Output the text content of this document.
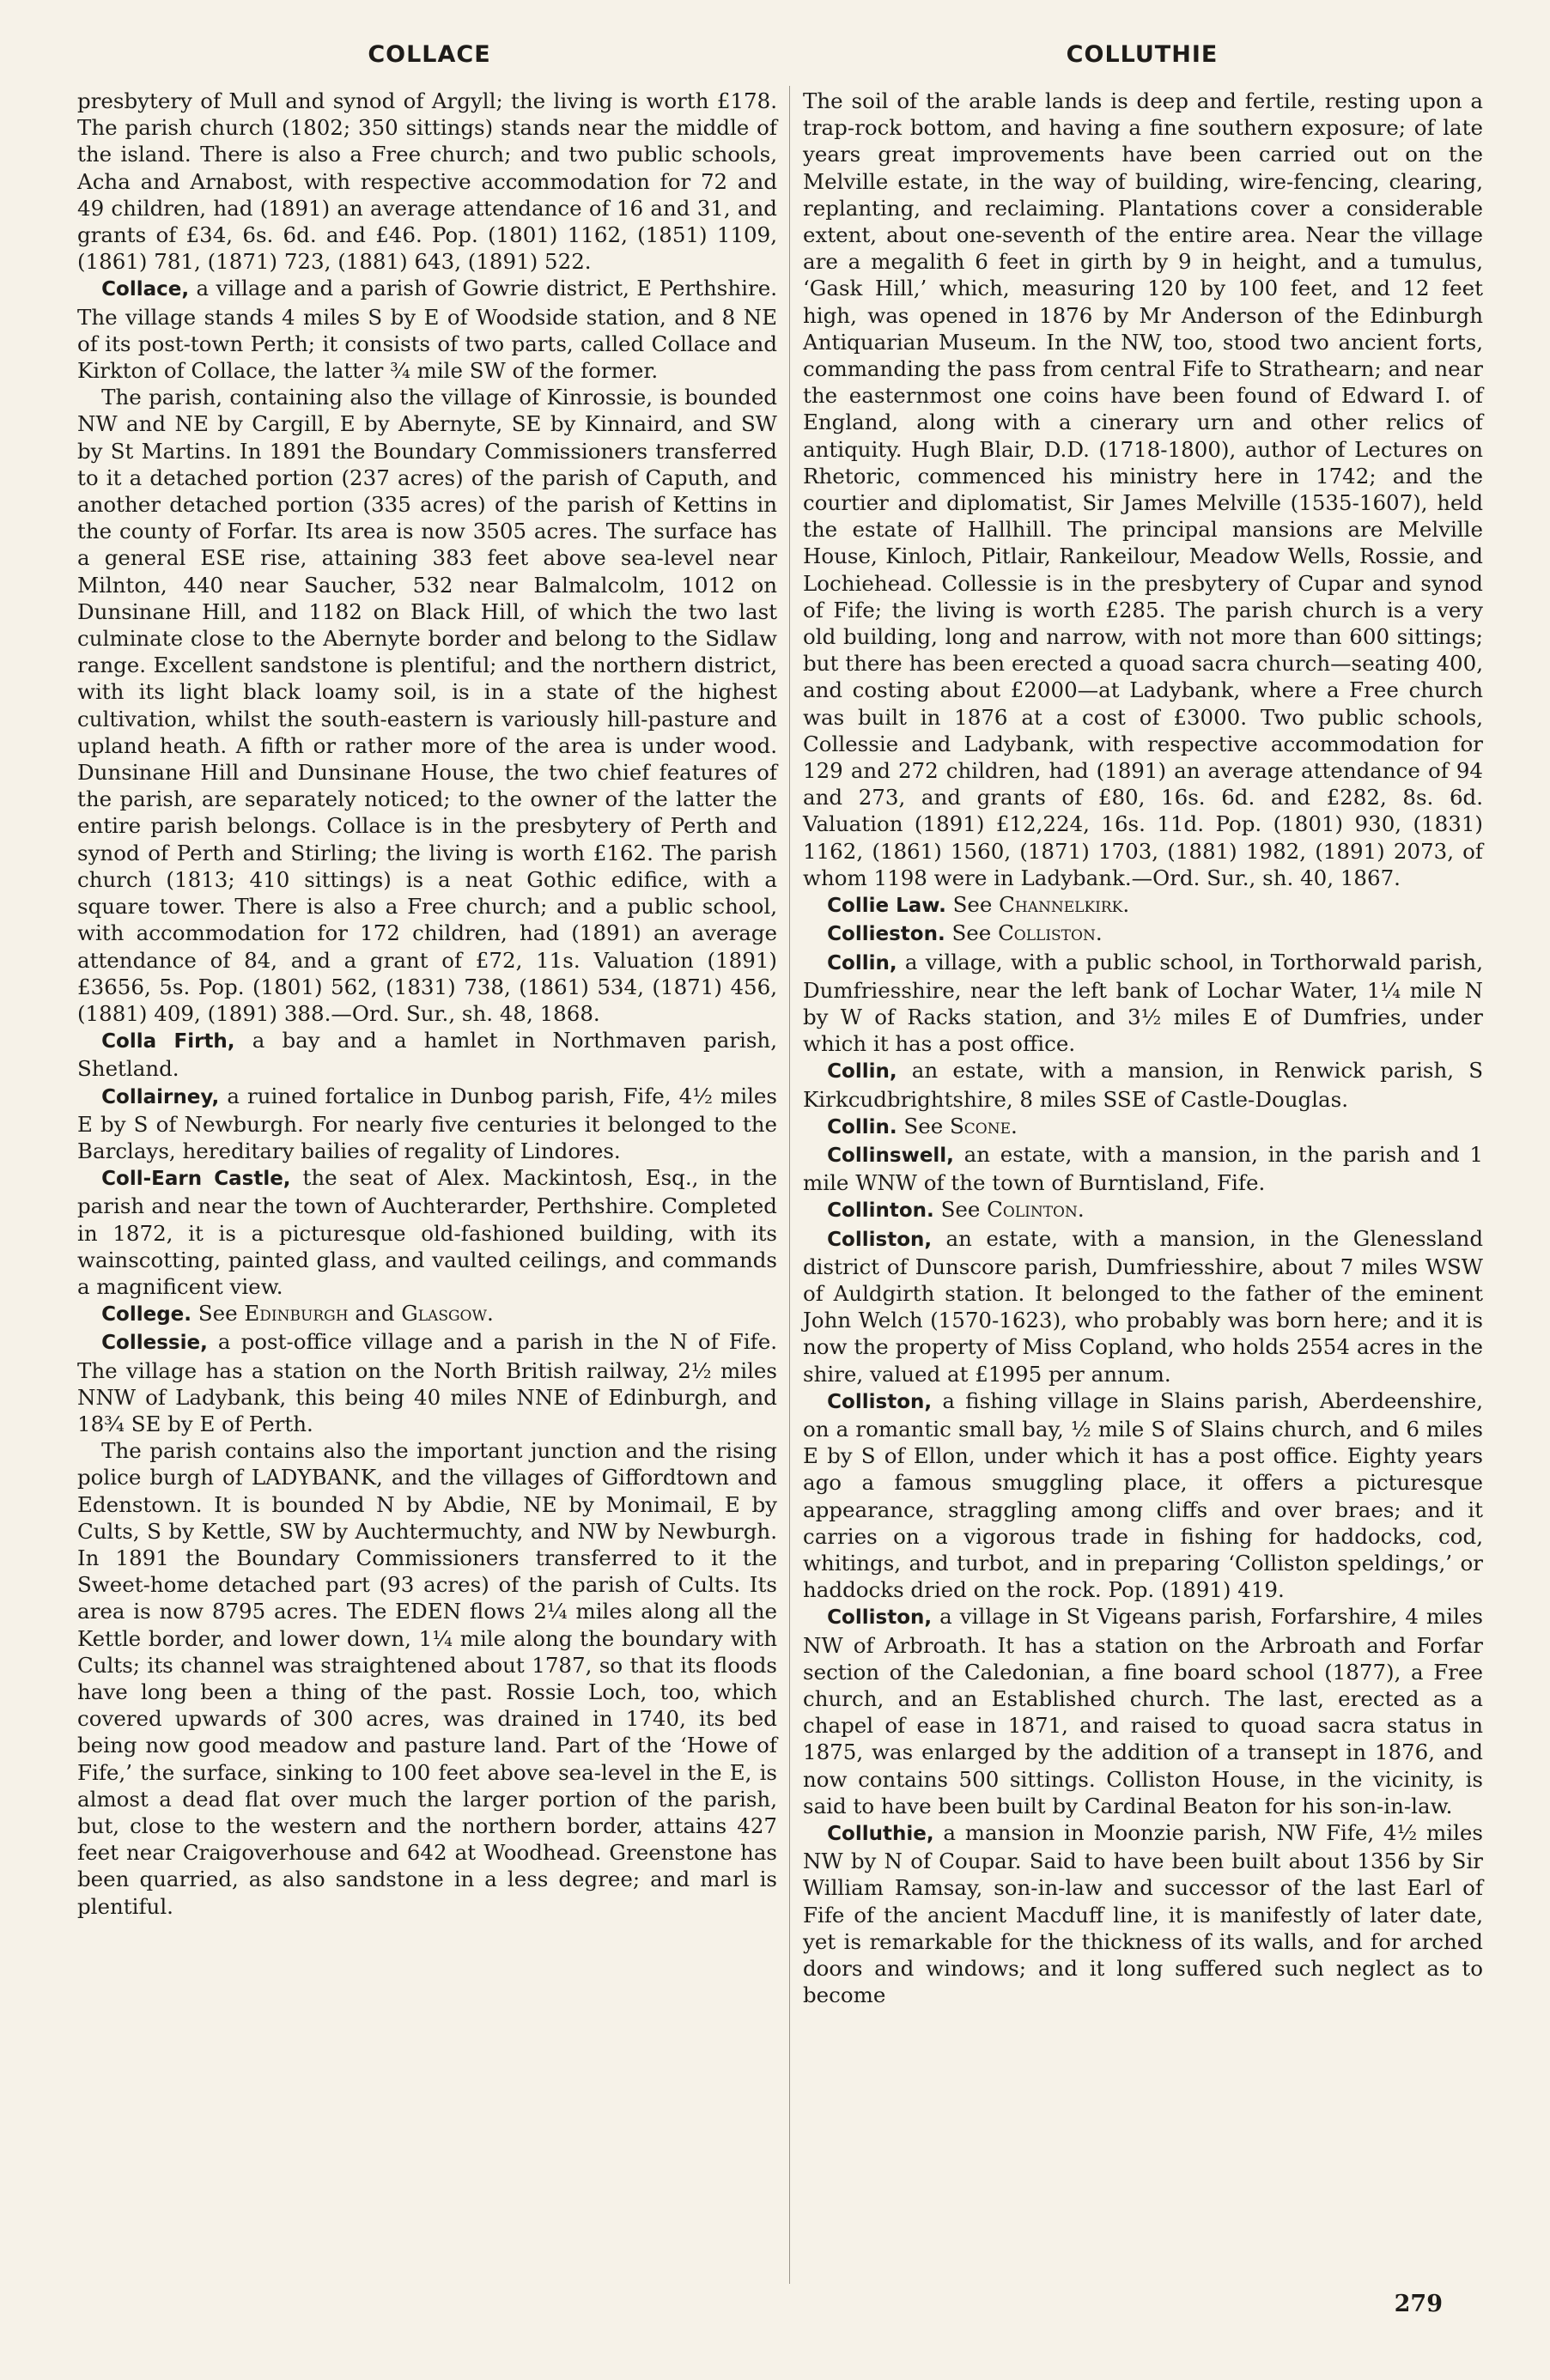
COLLACE	COLLUTHIE

presbytery of Mull and synod of Argyll; the living is worth £178. The parish church (1802; 350 sittings) stands near the middle of the island. There is also a Free church; and two public schools, Acha and Arnabost, with respective accommodation for 72 and 49 children, had (1891) an average attendance of 16 and 31, and grants of £34, 6s. 6d. and £46. Pop. (1801) 1162, (1851) 1109, (1861) 781, (1871) 723, (1881) 643, (1891) 522.

Collace, a village and a parish of Gowrie district, E Perthshire. The village stands 4 miles S by E of Woodside station, and 8 NE of its post-town Perth; it consists of two parts, called Collace and Kirkton of Collace, the latter ¾ mile SW of the former.

The parish, containing also the village of Kinrossie, is bounded NW and NE by Cargill, E by Abernyte, SE by Kinnaird, and SW by St Martins. In 1891 the Boundary Commissioners transferred to it a detached portion (237 acres) of the parish of Caputh, and another detached portion (335 acres) of the parish of Kettins in the county of Forfar. Its area is now 3505 acres. The surface has a general ESE rise, attaining 383 feet above sea-level near Milnton, 440 near Saucher, 532 near Balmalcolm, 1012 on Dunsinane Hill, and 1182 on Black Hill, of which the two last culminate close to the Abernyte border and belong to the Sidlaw range. Excellent sandstone is plentiful; and the northern district, with its light black loamy soil, is in a state of the highest cultivation, whilst the south-eastern is variously hill-pasture and upland heath. A fifth or rather more of the area is under wood. Dunsinane Hill and Dunsinane House, the two chief features of the parish, are separately noticed; to the owner of the latter the entire parish belongs. Collace is in the presbytery of Perth and synod of Perth and Stirling; the living is worth £162. The parish church (1813; 410 sittings) is a neat Gothic edifice, with a square tower. There is also a Free church; and a public school, with accommodation for 172 children, had (1891) an average attendance of 84, and a grant of £72, 11s. Valuation (1891) £3656, 5s. Pop. (1801) 562, (1831) 738, (1861) 534, (1871) 456, (1881) 409, (1891) 388.—Ord. Sur., sh. 48, 1868.

Colla Firth, a bay and a hamlet in Northmaven parish, Shetland.

Collairney, a ruined fortalice in Dunbog parish, Fife, 4½ miles E by S of Newburgh. For nearly five centuries it belonged to the Barclays, hereditary bailies of regality of Lindores.

Coll-Earn Castle, the seat of Alex. Mackintosh, Esq., in the parish and near the town of Auchterarder, Perthshire. Completed in 1872, it is a picturesque old-fashioned building, with its wainscotting, painted glass, and vaulted ceilings, and commands a magnificent view.

College. See Edinburgh and Glasgow.

Collessie, a post-office village and a parish in the N of Fife. The village has a station on the North British railway, 2½ miles NNW of Ladybank, this being 40 miles NNE of Edinburgh, and 18¾ SE by E of Perth.

The parish contains also the important junction and the rising police burgh of LADYBANK, and the villages of Giffordtown and Edenstown. It is bounded N by Abdie, NE by Monimail, E by Cults, S by Kettle, SW by Auchtermuchty, and NW by Newburgh. In 1891 the Boundary Commissioners transferred to it the Sweet-home detached part (93 acres) of the parish of Cults. Its area is now 8795 acres. The EDEN flows 2¼ miles along all the Kettle border, and lower down, 1¼ mile along the boundary with Cults; its channel was straightened about 1787, so that its floods have long been a thing of the past. Rossie Loch, too, which covered upwards of 300 acres, was drained in 1740, its bed being now good meadow and pasture land. Part of the ‘Howe of Fife,’ the surface, sinking to 100 feet above sea-level in the E, is almost a dead flat over much the larger portion of the parish, but, close to the western and the northern border, attains 427 feet near Craigoverhouse and 642 at Woodhead. Greenstone has been quarried, as also sandstone in a less degree; and marl is plentiful.

The soil of the arable lands is deep and fertile, resting upon a trap-rock bottom, and having a fine southern exposure; of late years great improvements have been carried out on the Melville estate, in the way of building, wire-fencing, clearing, replanting, and reclaiming. Plantations cover a considerable extent, about one-seventh of the entire area. Near the village are a megalith 6 feet in girth by 9 in height, and a tumulus, ‘Gask Hill,’ which, measuring 120 by 100 feet, and 12 feet high, was opened in 1876 by Mr Anderson of the Edinburgh Antiquarian Museum. In the NW, too, stood two ancient forts, commanding the pass from central Fife to Strathearn; and near the easternmost one coins have been found of Edward I. of England, along with a cinerary urn and other relics of antiquity. Hugh Blair, D.D. (1718-1800), author of Lectures on Rhetoric, commenced his ministry here in 1742; and the courtier and diplomatist, Sir James Melville (1535-1607), held the estate of Hallhill. The principal mansions are Melville House, Kinloch, Pitlair, Rankeilour, Meadow Wells, Rossie, and Lochiehead. Collessie is in the presbytery of Cupar and synod of Fife; the living is worth £285. The parish church is a very old building, long and narrow, with not more than 600 sittings; but there has been erected a quoad sacra church—seating 400, and costing about £2000—at Ladybank, where a Free church was built in 1876 at a cost of £3000. Two public schools, Collessie and Ladybank, with respective accommodation for 129 and 272 children, had (1891) an average attendance of 94 and 273, and grants of £80, 16s. 6d. and £282, 8s. 6d. Valuation (1891) £12,224, 16s. 11d. Pop. (1801) 930, (1831) 1162, (1861) 1560, (1871) 1703, (1881) 1982, (1891) 2073, of whom 1198 were in Ladybank.—Ord. Sur., sh. 40, 1867.

Collie Law. See Channelkirk.

Collieston. See Colliston.

Collin, a village, with a public school, in Torthorwald parish, Dumfriesshire, near the left bank of Lochar Water, 1¼ mile N by W of Racks station, and 3½ miles E of Dumfries, under which it has a post office.

Collin, an estate, with a mansion, in Renwick parish, S Kirkcudbrightshire, 8 miles SSE of Castle-Douglas.

Collin. See Scone.

Collinswell, an estate, with a mansion, in the parish and 1 mile WNW of the town of Burntisland, Fife.

Collinton. See Colinton.

Colliston, an estate, with a mansion, in the Glenessland district of Dunscore parish, Dumfriesshire, about 7 miles WSW of Auldgirth station. It belonged to the father of the eminent John Welch (1570-1623), who probably was born here; and it is now the property of Miss Copland, who holds 2554 acres in the shire, valued at £1995 per annum.

Colliston, a fishing village in Slains parish, Aberdeenshire, on a romantic small bay, ½ mile S of Slains church, and 6 miles E by S of Ellon, under which it has a post office. Eighty years ago a famous smuggling place, it offers a picturesque appearance, straggling among cliffs and over braes; and it carries on a vigorous trade in fishing for haddocks, cod, whitings, and turbot, and in preparing ‘Colliston speldings,’ or haddocks dried on the rock. Pop. (1891) 419.

Colliston, a village in St Vigeans parish, Forfarshire, 4 miles NW of Arbroath. It has a station on the Arbroath and Forfar section of the Caledonian, a fine board school (1877), a Free church, and an Established church. The last, erected as a chapel of ease in 1871, and raised to quoad sacra status in 1875, was enlarged by the addition of a transept in 1876, and now contains 500 sittings. Colliston House, in the vicinity, is said to have been built by Cardinal Beaton for his son-in-law.

Colluthie, a mansion in Moonzie parish, NW Fife, 4½ miles NW by N of Coupar. Said to have been built about 1356 by Sir William Ramsay, son-in-law and successor of the last Earl of Fife of the ancient Macduff line, it is manifestly of later date, yet is remarkable for the thickness of its walls, and for arched doors and windows; and it long suffered such neglect as to become

279
